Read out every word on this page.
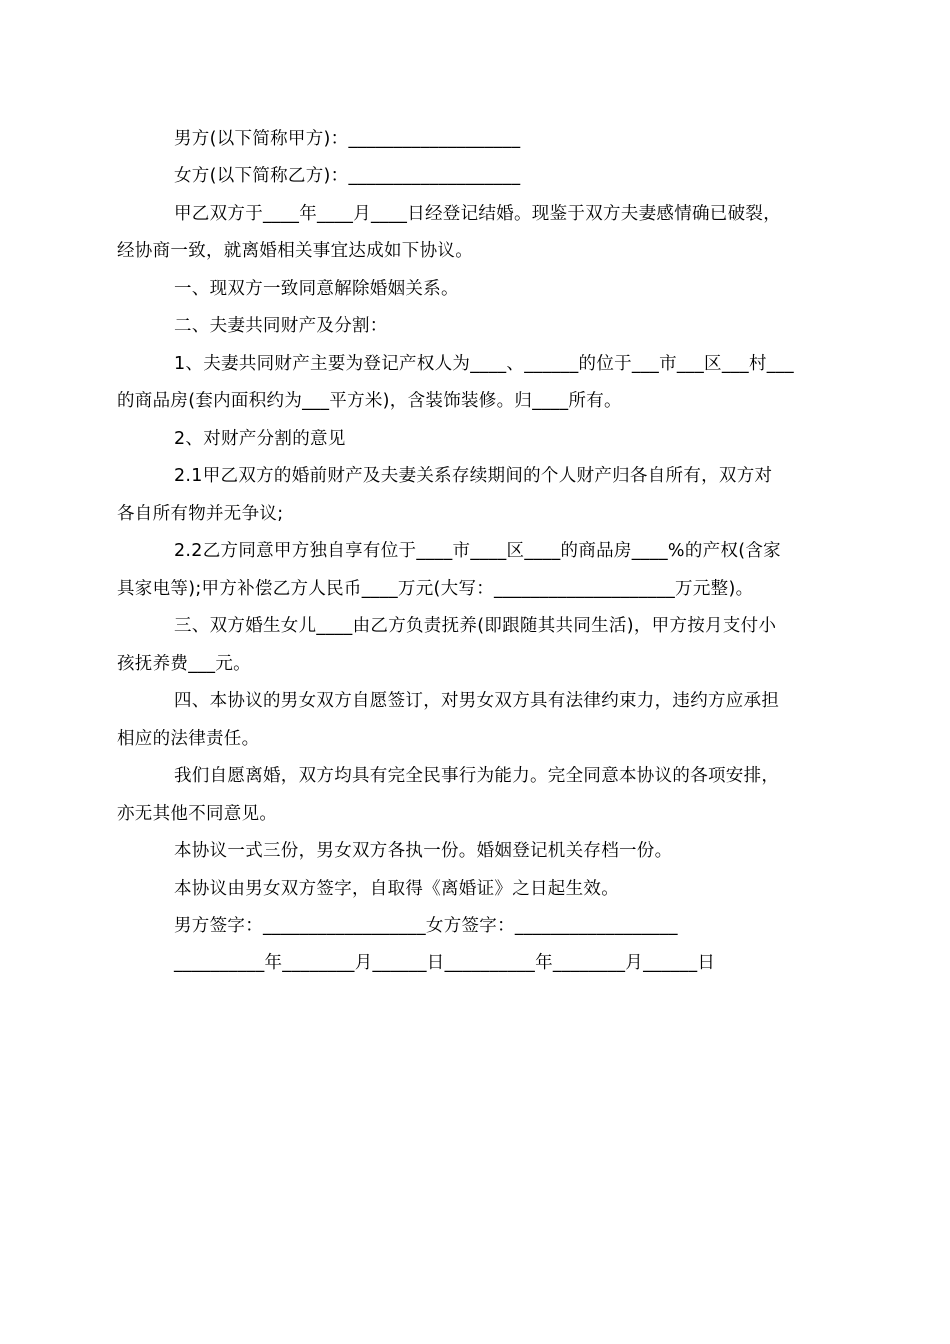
男方(以下简称甲方)：___________________
女方(以下简称乙方)：___________________
甲乙双方于____年____月____日经登记结婚。现鉴于双方夫妻感情确已破裂，
经协商一致，就离婚相关事宜达成如下协议。
一、现双方一致同意解除婚姻关系。
二、夫妻共同财产及分割：
1、夫妻共同财产主要为登记产权人为____、______的位于___市___区___村___
的商品房(套内面积约为___平方米)，含装饰装修。归____所有。
2、对财产分割的意见
2.1甲乙双方的婚前财产及夫妻关系存续期间的个人财产归各自所有，双方对
各自所有物并无争议;
2.2乙方同意甲方独自享有位于____市____区____的商品房____%的产权(含家
具家电等);甲方补偿乙方人民币____万元(大写：____________________万元整)。
三、双方婚生女儿____由乙方负责抚养(即跟随其共同生活)，甲方按月支付小
孩抚养费___元。
四、本协议的男女双方自愿签订，对男女双方具有法律约束力，违约方应承担
相应的法律责任。
我们自愿离婚，双方均具有完全民事行为能力。完全同意本协议的各项安排，
亦无其他不同意见。
本协议一式三份，男女双方各执一份。婚姻登记机关存档一份。
本协议由男女双方签字，自取得《离婚证》之日起生效。
男方签字：__________________女方签字：__________________
__________年________月______日__________年________月______日
